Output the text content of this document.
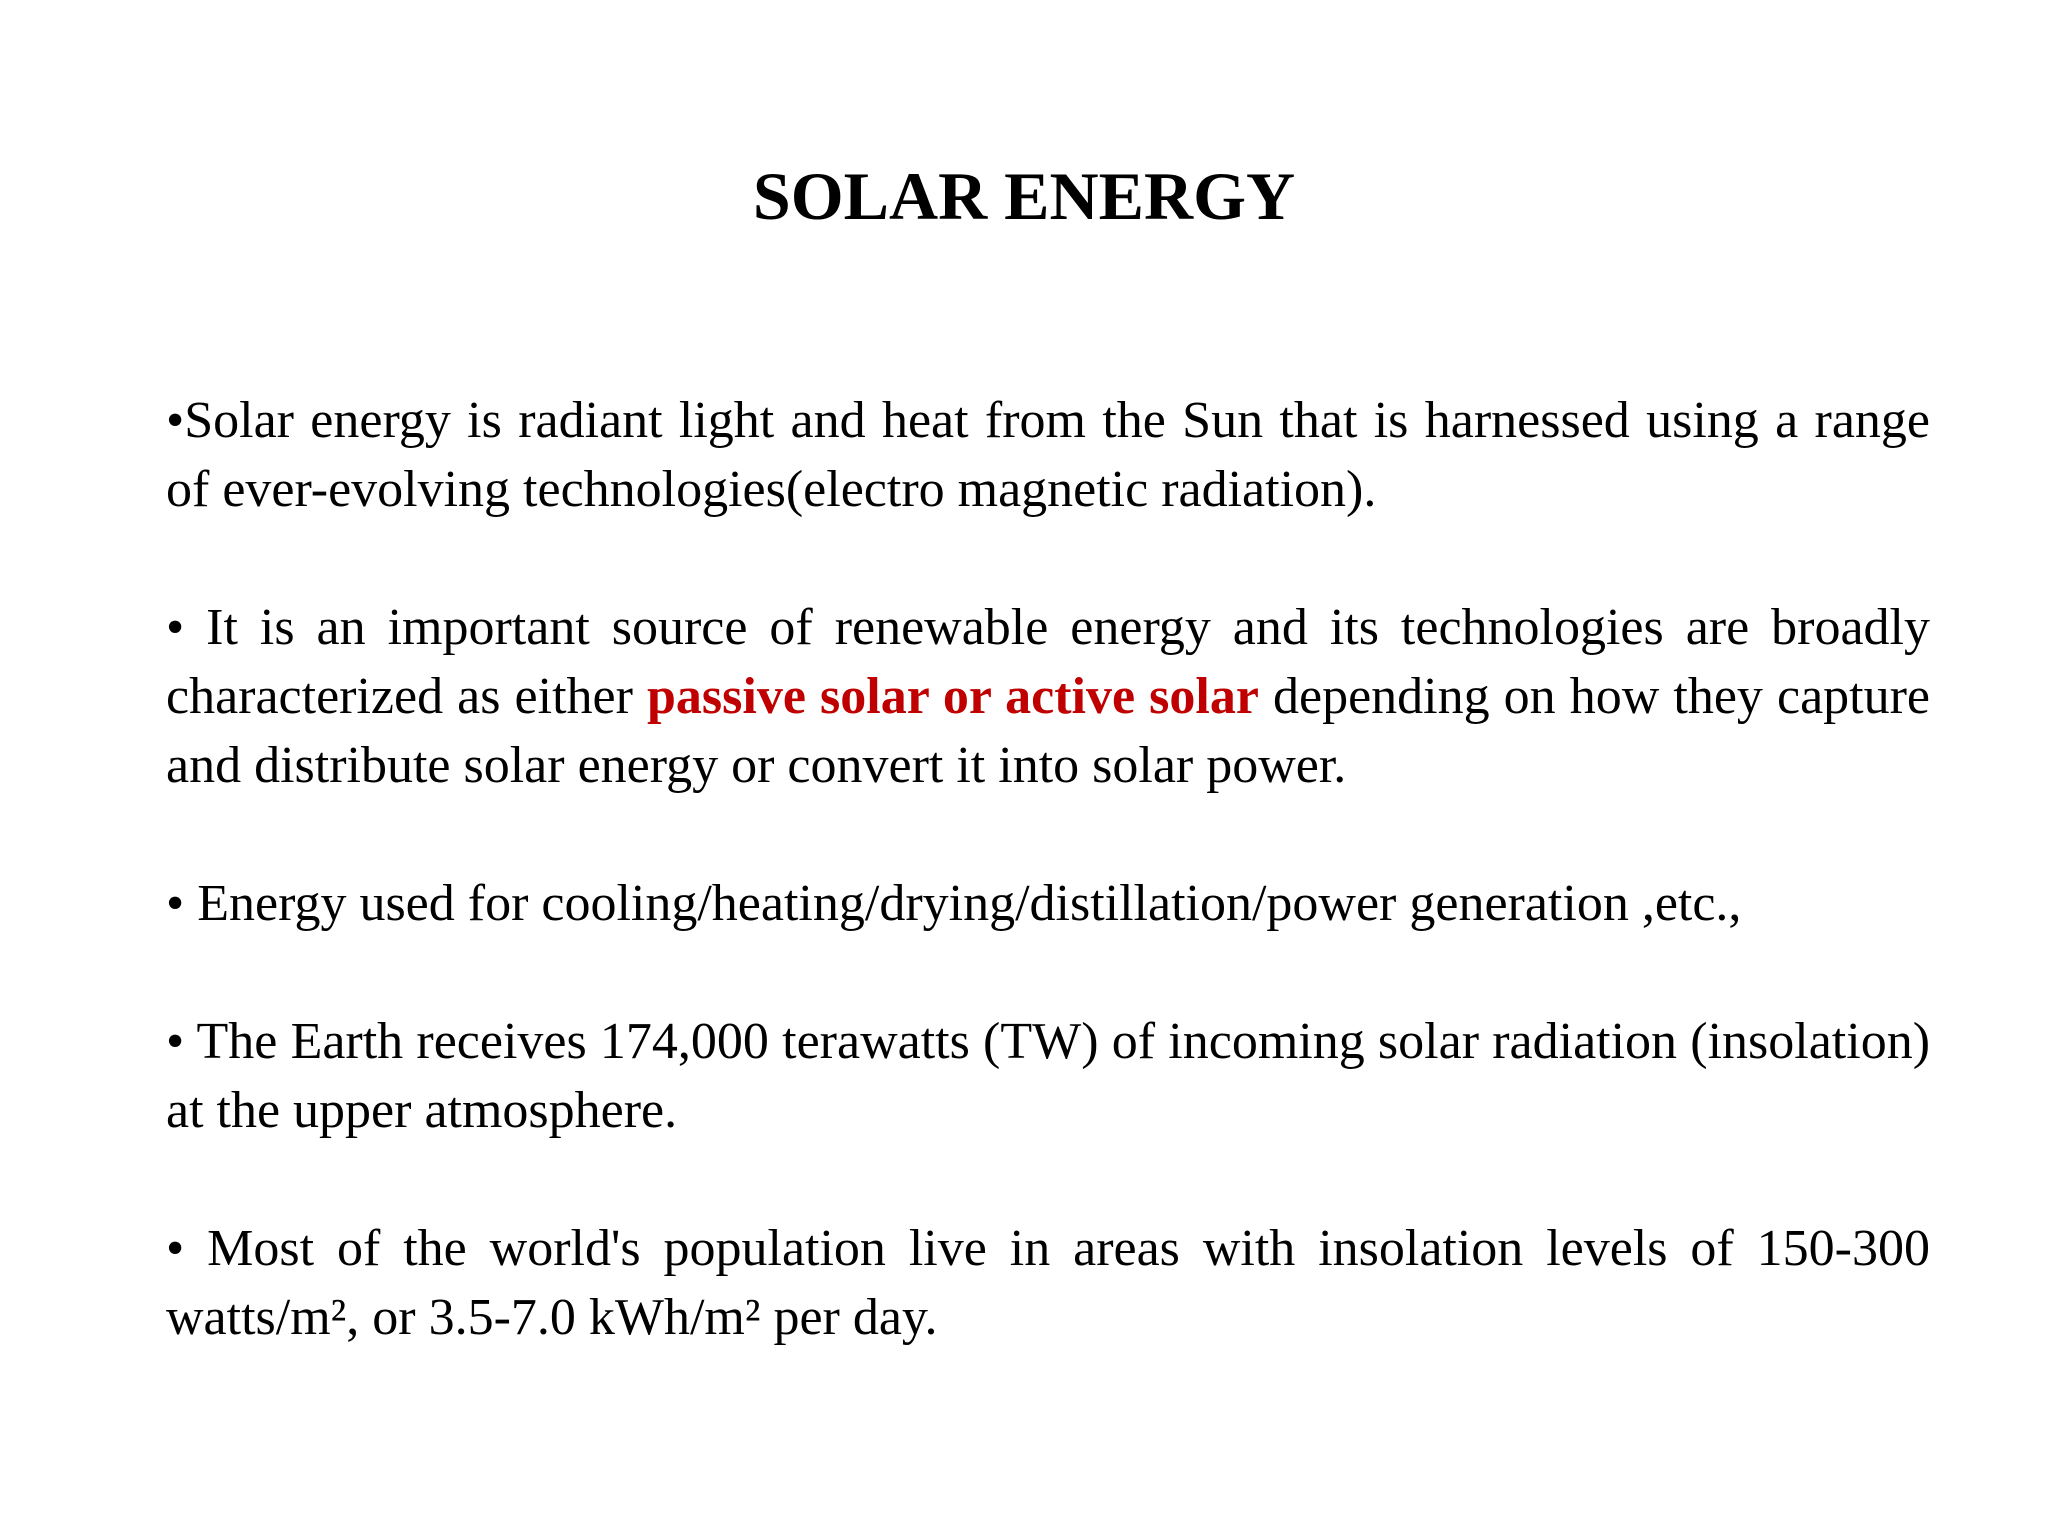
SOLAR ENERGY
•Solar energy is radiant light and heat from the Sun that is harnessed using a range of ever-evolving technologies(electro magnetic radiation).
• It is an important source of renewable energy and its technologies are broadly characterized as either passive solar or active solar depending on how they capture and distribute solar energy or convert it into solar power.
• Energy used for cooling/heating/drying/distillation/power generation ,etc.,
• The Earth receives 174,000 terawatts (TW) of incoming solar radiation (insolation) at the upper atmosphere.
• Most of the world's population live in areas with insolation levels of 150-300 watts/m², or 3.5-7.0 kWh/m² per day.
